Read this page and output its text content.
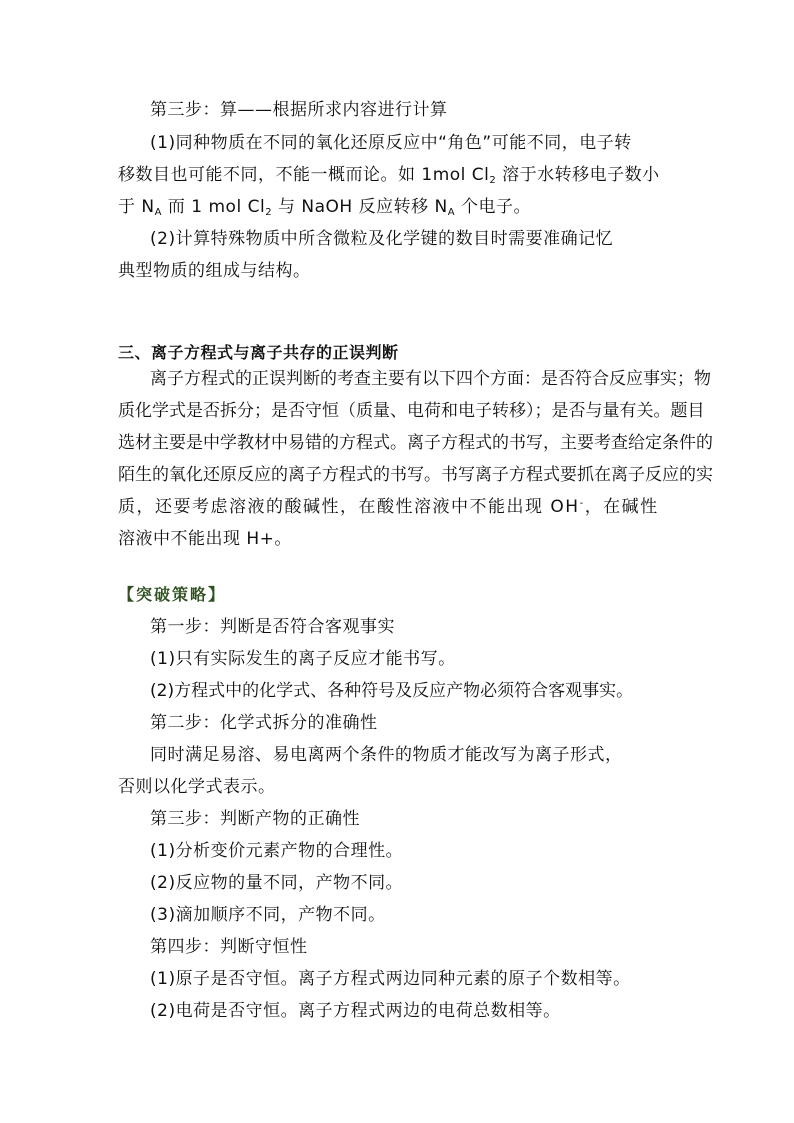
第三步：算——根据所求内容进行计算
(1)同种物质在不同的氧化还原反应中“角色”可能不同，电子转
移数目也可能不同，不能一概而论。如 1mol $Cl_2$ 溶于水转移电子数小
于 $N_A$ 而 1 mol $Cl_2$ 与 NaOH 反应转移 $N_A$ 个电子。
(2)计算特殊物质中所含微粒及化学键的数目时需要准确记忆
典型物质的组成与结构。
三、离子方程式与离子共存的正误判断
离子方程式的正误判断的考查主要有以下四个方面：是否符合反应事实；物
质化学式是否拆分；是否守恒（质量、电荷和电子转移）；是否与量有关。题目
选材主要是中学教材中易错的方程式。离子方程式的书写，主要考查给定条件的
陌生的氧化还原反应的离子方程式的书写。书写离子方程式要抓在离子反应的实
质，还要考虑溶液的酸碱性，在酸性溶液中不能出现 OH-，在碱性
溶液中不能出现 H+。
【突破策略】
第一步：判断是否符合客观事实
(1)只有实际发生的离子反应才能书写。
(2)方程式中的化学式、各种符号及反应产物必须符合客观事实。
第二步：化学式拆分的准确性
同时满足易溶、易电离两个条件的物质才能改写为离子形式，
否则以化学式表示。
第三步：判断产物的正确性
(1)分析变价元素产物的合理性。
(2)反应物的量不同，产物不同。
(3)滴加顺序不同，产物不同。
第四步：判断守恒性
(1)原子是否守恒。离子方程式两边同种元素的原子个数相等。
(2)电荷是否守恒。离子方程式两边的电荷总数相等。
